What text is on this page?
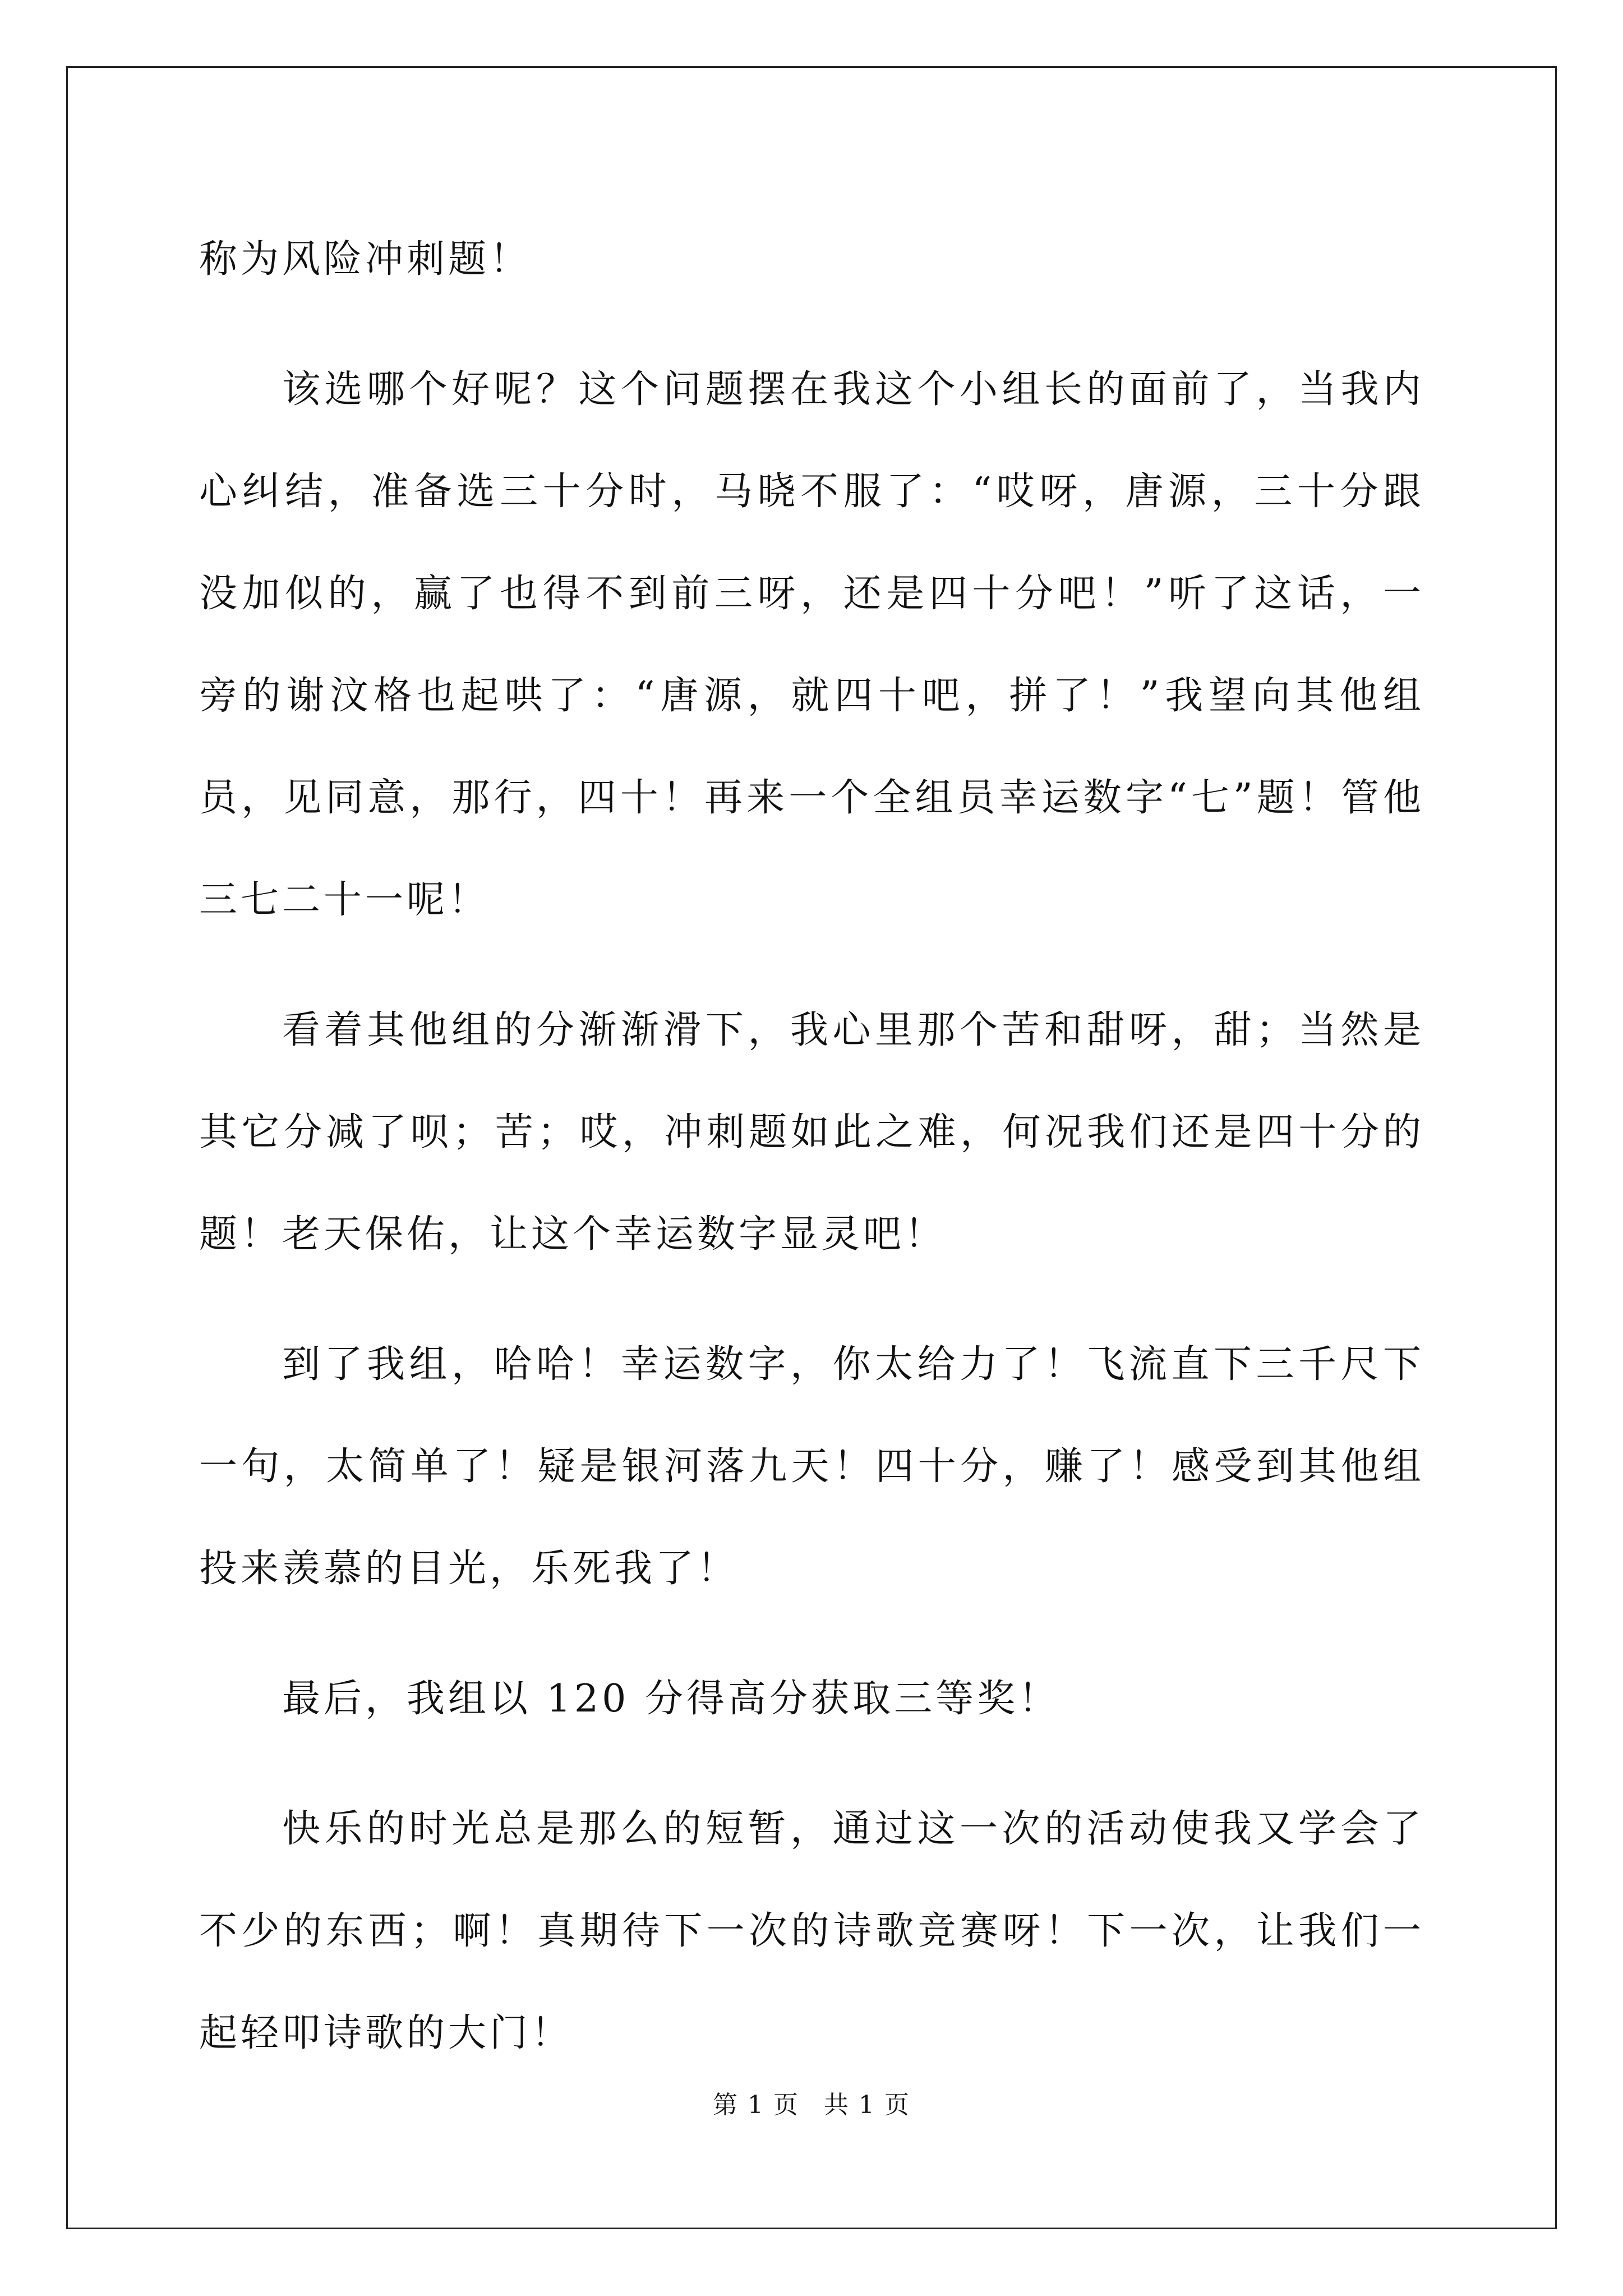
称为风险冲刺题！

该选哪个好呢？这个问题摆在我这个小组长的面前了，当我内心纠结，准备选三十分时，马晓不服了：“哎呀，唐源，三十分跟没加似的，赢了也得不到前三呀，还是四十分吧！”听了这话，一旁的谢汶格也起哄了：“唐源，就四十吧，拼了！”我望向其他组员，见同意，那行，四十！再来一个全组员幸运数字“七”题！管他三七二十一呢！

看着其他组的分渐渐滑下，我心里那个苦和甜呀，甜；当然是其它分减了呗；苦；哎，冲刺题如此之难，何况我们还是四十分的题！老天保佑，让这个幸运数字显灵吧！

到了我组，哈哈！幸运数字，你太给力了！飞流直下三千尺下一句，太简单了！疑是银河落九天！四十分，赚了！感受到其他组投来羡慕的目光，乐死我了！

最后，我组以 120 分得高分获取三等奖！

快乐的时光总是那么的短暂，通过这一次的活动使我又学会了不少的东西；啊！真期待下一次的诗歌竞赛呀！下一次，让我们一起轻叩诗歌的大门！

第 1 页 共 1 页
